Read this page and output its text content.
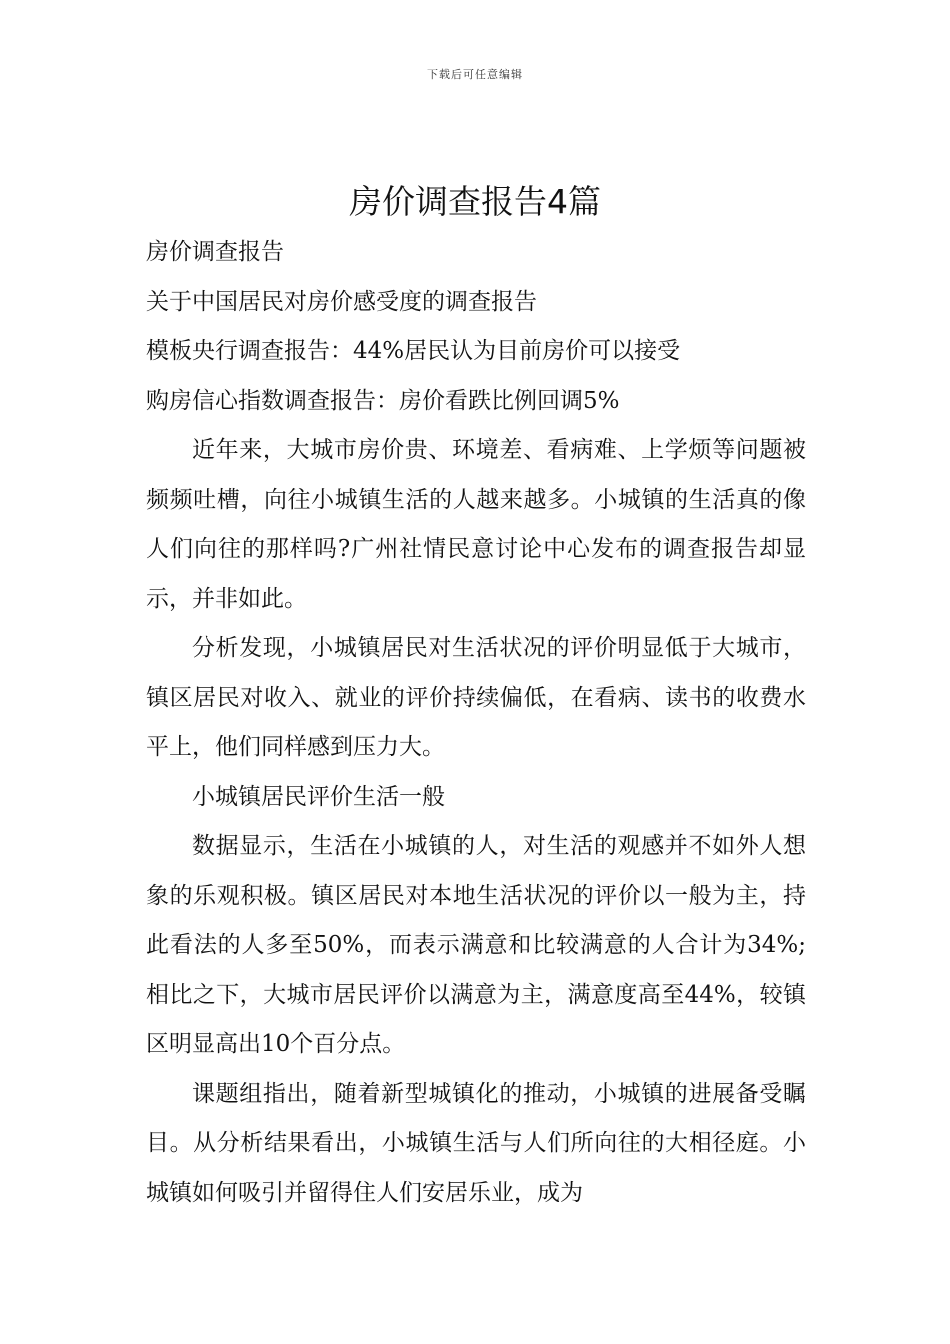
下载后可任意编辑
房价调查报告4篇

房价调查报告

关于中国居民对房价感受度的调查报告

模板央行调查报告：44%居民认为目前房价可以接受

购房信心指数调查报告：房价看跌比例回调5%

近年来，大城市房价贵、环境差、看病难、上学烦等问题被频频吐槽，向往小城镇生活的人越来越多。小城镇的生活真的像人们向往的那样吗?广州社情民意讨论中心发布的调查报告却显示，并非如此。

分析发现，小城镇居民对生活状况的评价明显低于大城市，镇区居民对收入、就业的评价持续偏低，在看病、读书的收费水平上，他们同样感到压力大。

小城镇居民评价生活一般

数据显示，生活在小城镇的人，对生活的观感并不如外人想象的乐观积极。镇区居民对本地生活状况的评价以一般为主，持此看法的人多至50%，而表示满意和比较满意的人合计为34%;相比之下，大城市居民评价以满意为主，满意度高至44%，较镇区明显高出10个百分点。

课题组指出，随着新型城镇化的推动，小城镇的进展备受瞩目。从分析结果看出，小城镇生活与人们所向往的大相径庭。小城镇如何吸引并留得住人们安居乐业，成为
